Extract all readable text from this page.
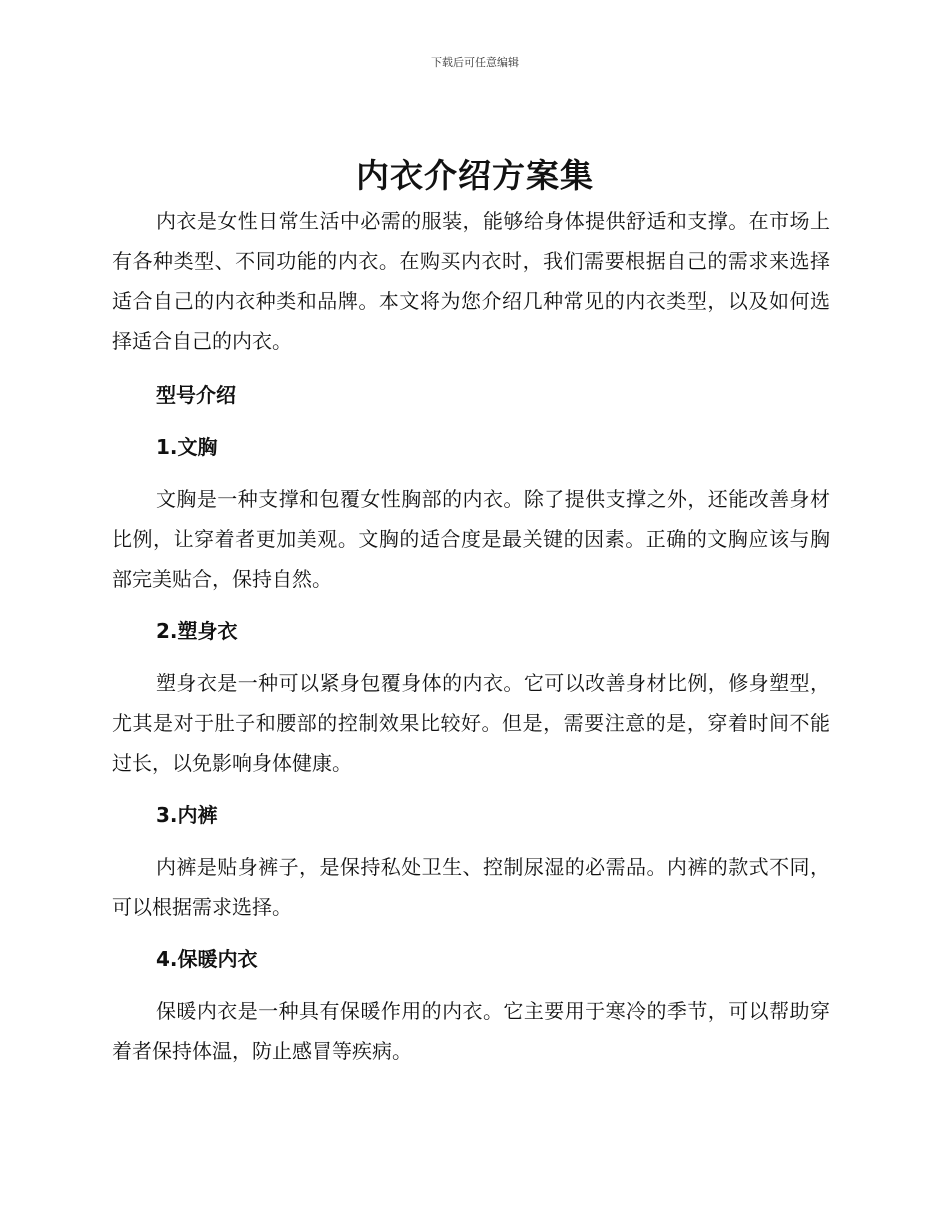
下载后可任意编辑
内衣介绍方案集

内衣是女性日常生活中必需的服装，能够给身体提供舒适和支撑。在市场上有各种类型、不同功能的内衣。在购买内衣时，我们需要根据自己的需求来选择适合自己的内衣种类和品牌。本文将为您介绍几种常见的内衣类型，以及如何选择适合自己的内衣。

型号介绍
1.文胸

文胸是一种支撑和包覆女性胸部的内衣。除了提供支撑之外，还能改善身材比例，让穿着者更加美观。文胸的适合度是最关键的因素。正确的文胸应该与胸部完美贴合，保持自然。

2.塑身衣

塑身衣是一种可以紧身包覆身体的内衣。它可以改善身材比例，修身塑型，尤其是对于肚子和腰部的控制效果比较好。但是，需要注意的是，穿着时间不能过长，以免影响身体健康。

3.内裤

内裤是贴身裤子，是保持私处卫生、控制尿湿的必需品。内裤的款式不同，可以根据需求选择。

4.保暖内衣

保暖内衣是一种具有保暖作用的内衣。它主要用于寒冷的季节，可以帮助穿着者保持体温，防止感冒等疾病。
